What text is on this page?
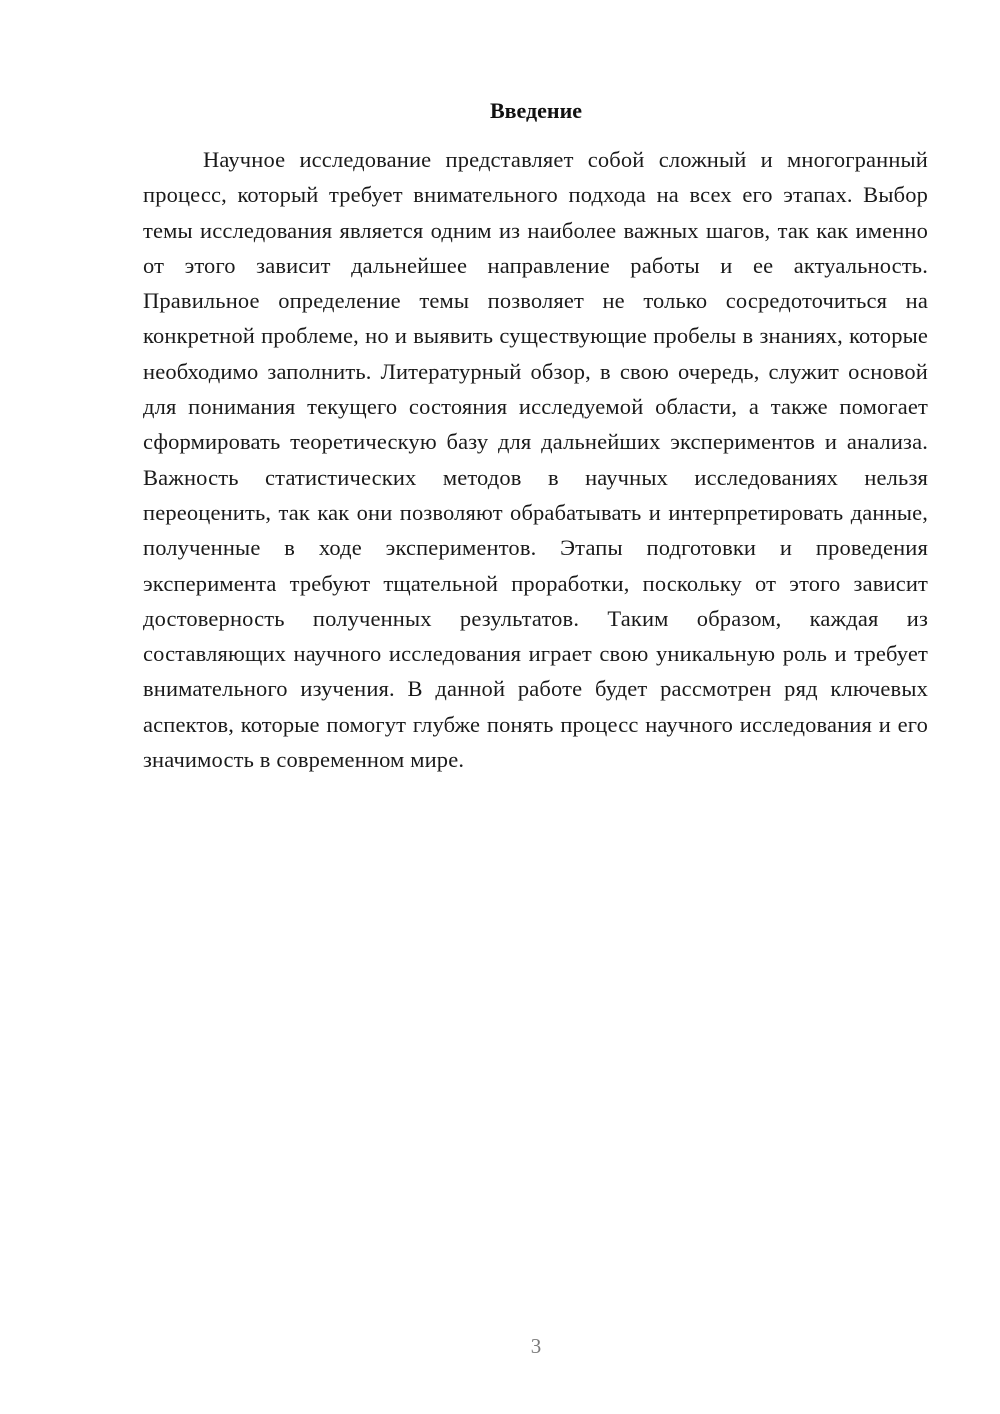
Введение

Научное исследование представляет собой сложный и многогранный процесс, который требует внимательного подхода на всех его этапах. Выбор темы исследования является одним из наиболее важных шагов, так как именно от этого зависит дальнейшее направление работы и ее актуальность. Правильное определение темы позволяет не только сосредоточиться на конкретной проблеме, но и выявить существующие пробелы в знаниях, которые необходимо заполнить. Литературный обзор, в свою очередь, служит основой для понимания текущего состояния исследуемой области, а также помогает сформировать теоретическую базу для дальнейших экспериментов и анализа. Важность статистических методов в научных исследованиях нельзя переоценить, так как они позволяют обрабатывать и интерпретировать данные, полученные в ходе экспериментов. Этапы подготовки и проведения эксперимента требуют тщательной проработки, поскольку от этого зависит достоверность полученных результатов. Таким образом, каждая из составляющих научного исследования играет свою уникальную роль и требует внимательного изучения. В данной работе будет рассмотрен ряд ключевых аспектов, которые помогут глубже понять процесс научного исследования и его значимость в современном мире.

3
